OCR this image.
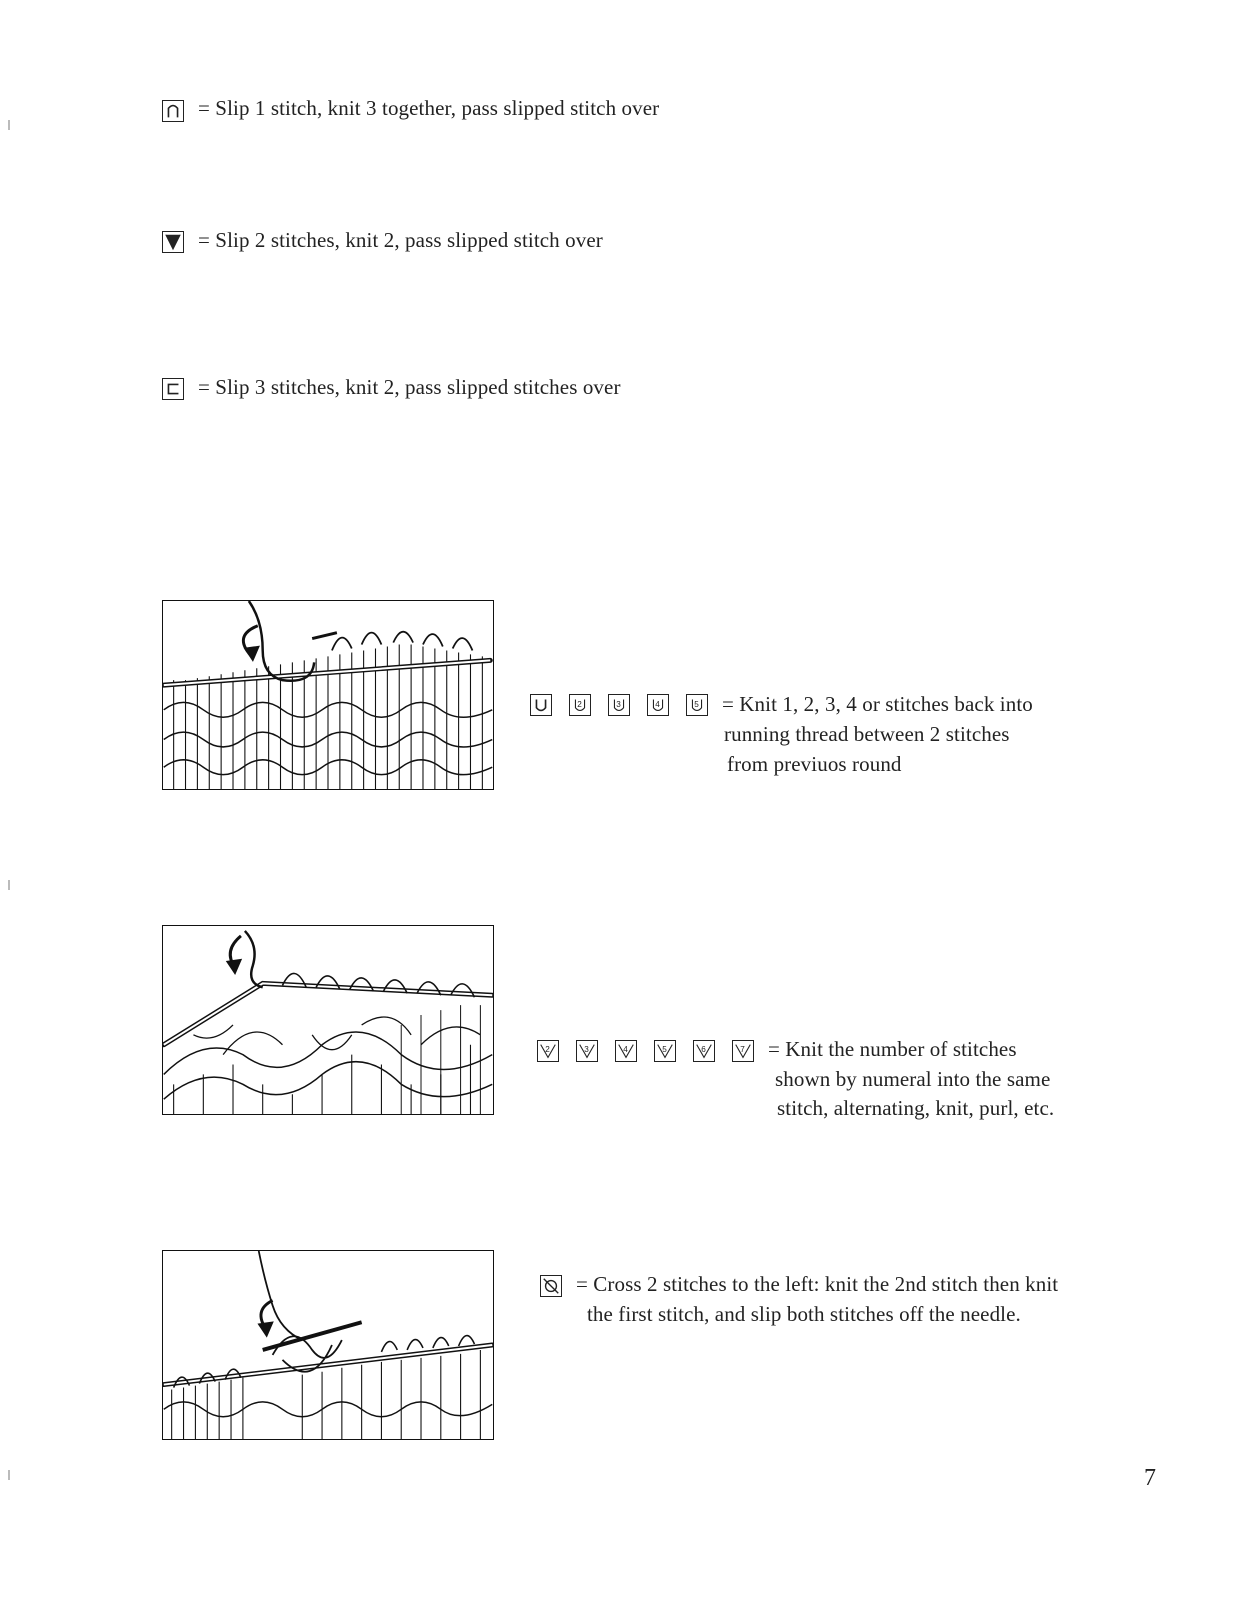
= Slip 1 stitch, knit 3 together, pass slipped stitch over
= Slip 2 stitches, knit 2, pass slipped stitch over
= Slip 3 stitches, knit 2, pass slipped stitches over
2	3	4	5 = Knit 1, 2, 3, 4 or stitches back into
running thread between 2 stitches
from previuos round
2	3	4	5	6	7 = Knit the number of stitches
shown by numeral into the same
stitch, alternating, knit, purl, etc.
= Cross 2 stitches to the left: knit the 2nd stitch then knit
the first stitch, and slip both stitches off the needle.
7
